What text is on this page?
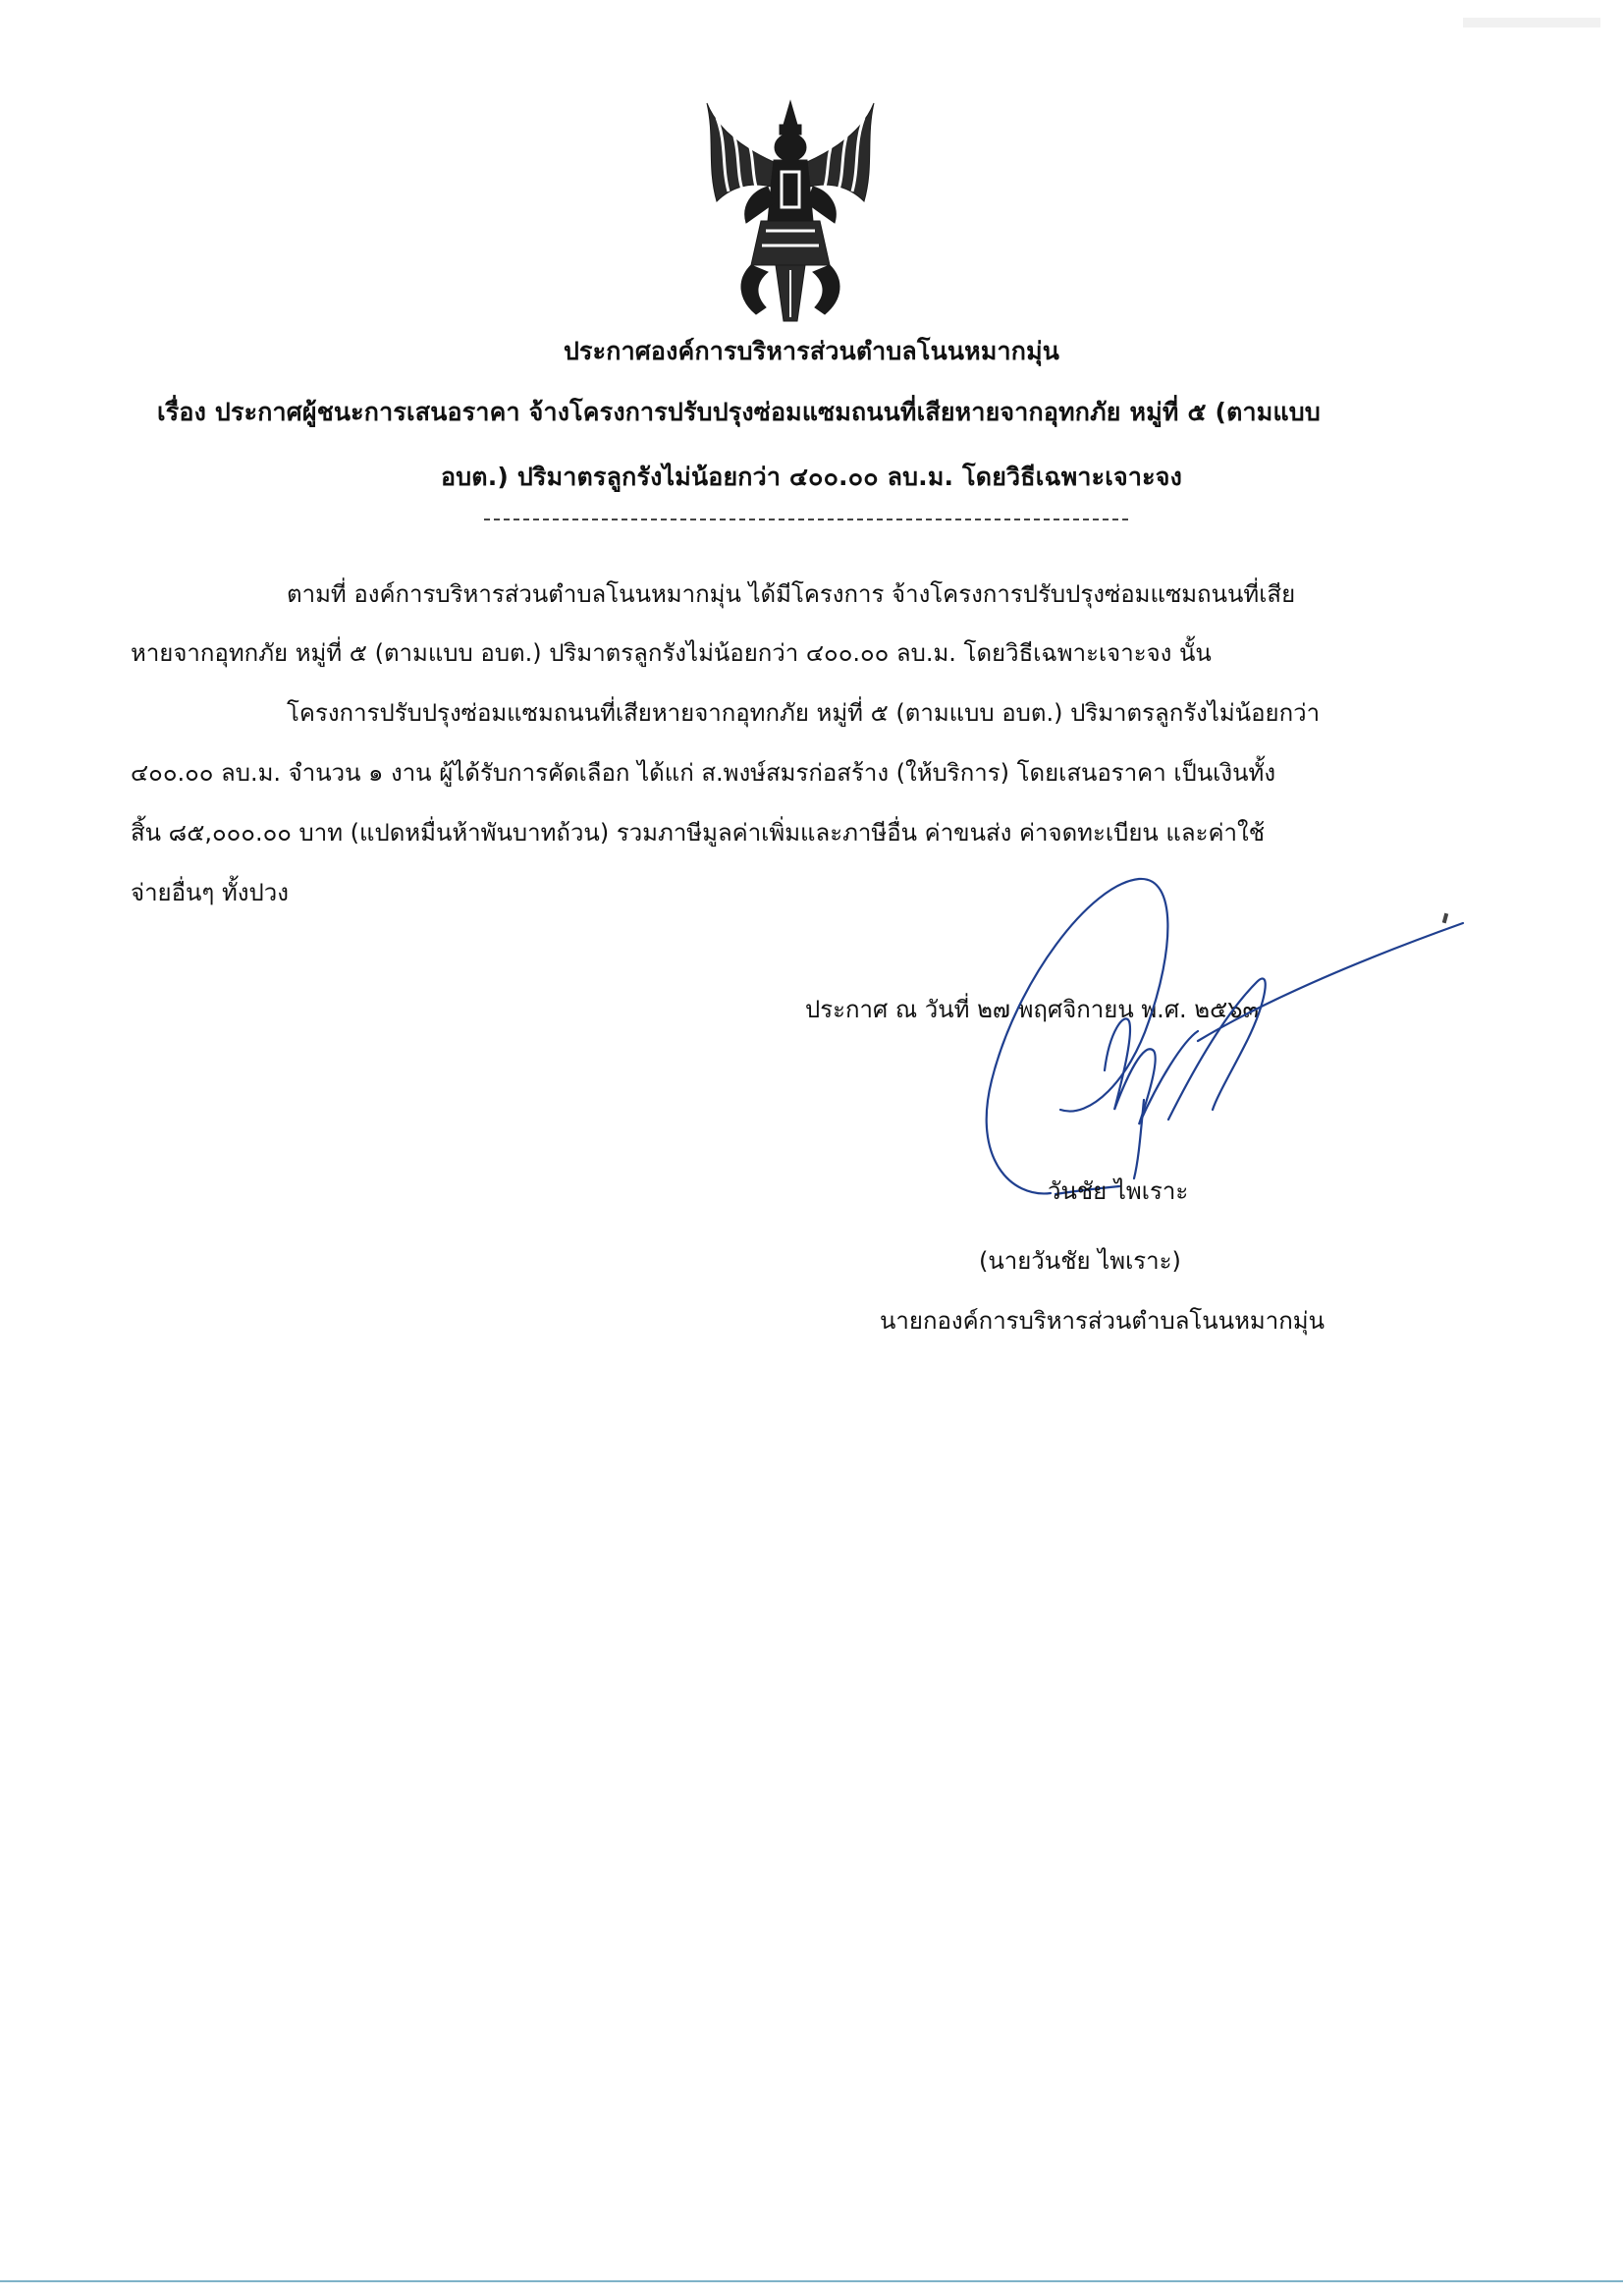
ประกาศองค์การบริหารส่วนตำบลโนนหมากมุ่น
เรื่อง ประกาศผู้ชนะการเสนอราคา จ้างโครงการปรับปรุงซ่อมแซมถนนที่เสียหายจากอุทกภัย หมู่ที่ ๕ (ตามแบบ
อบต.) ปริมาตรลูกรังไม่น้อยกว่า ๔๐๐.๐๐ ลบ.ม. โดยวิธีเฉพาะเจาะจง
ตามที่ องค์การบริหารส่วนตำบลโนนหมากมุ่น ได้มีโครงการ จ้างโครงการปรับปรุงซ่อมแซมถนนที่เสีย
หายจากอุทกภัย หมู่ที่ ๕ (ตามแบบ อบต.) ปริมาตรลูกรังไม่น้อยกว่า ๔๐๐.๐๐ ลบ.ม. โดยวิธีเฉพาะเจาะจง นั้น
โครงการปรับปรุงซ่อมแซมถนนที่เสียหายจากอุทกภัย หมู่ที่ ๕ (ตามแบบ อบต.) ปริมาตรลูกรังไม่น้อยกว่า
๔๐๐.๐๐ ลบ.ม. จำนวน ๑ งาน ผู้ได้รับการคัดเลือก ได้แก่ ส.พงษ์สมรก่อสร้าง (ให้บริการ) โดยเสนอราคา เป็นเงินทั้ง
สิ้น ๘๕,๐๐๐.๐๐ บาท (แปดหมื่นห้าพันบาทถ้วน) รวมภาษีมูลค่าเพิ่มและภาษีอื่น ค่าขนส่ง ค่าจดทะเบียน และค่าใช้
จ่ายอื่นๆ ทั้งปวง
ประกาศ ณ วันที่ ๒๗ พฤศจิกายน พ.ศ. ๒๕๖๓
วันชัย ไพเราะ
(นายวันชัย ไพเราะ)
นายกองค์การบริหารส่วนตำบลโนนหมากมุ่น
